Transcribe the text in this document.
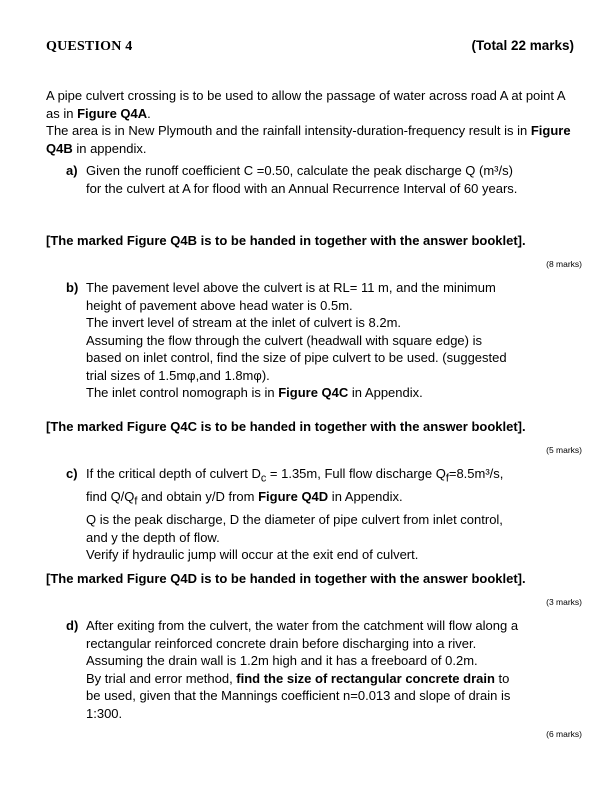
QUESTION 4	(Total 22 marks)

A pipe culvert crossing is to be used to allow the passage of water across road A at point A as in Figure Q4A.

The area is in New Plymouth and the rainfall intensity-duration-frequency result is in Figure Q4B in appendix.

a) Given the runoff coefficient C =0.50, calculate the peak discharge Q (m³/s) for the culvert at A for flood with an Annual Recurrence Interval of 60 years.
[The marked Figure Q4B is to be handed in together with the answer booklet].
(8 marks)
b) The pavement level above the culvert is at RL= 11 m, and the minimum height of pavement above head water is 0.5m.

The invert level of stream at the inlet of culvert is 8.2m.

Assuming the flow through the culvert (headwall with square edge) is based on inlet control, find the size of pipe culvert to be used. (suggested trial sizes of 1.5mφ,and 1.8mφ).

The inlet control nomograph is in Figure Q4C in Appendix.

[The marked Figure Q4C is to be handed in together with the answer booklet].
(5 marks)
c) If the critical depth of culvert $D_c = 1.35m$, Full flow discharge $Q_f=8.5m^3/s$,

find $Q/Q_f$ and obtain y/D from Figure Q4D in Appendix.

Q is the peak discharge, D the diameter of pipe culvert from inlet control, and y the depth of flow.

Verify if hydraulic jump will occur at the exit end of culvert.

[The marked Figure Q4D is to be handed in together with the answer booklet].
(3 marks)
d) After exiting from the culvert, the water from the catchment will flow along a rectangular reinforced concrete drain before discharging into a river.

Assuming the drain wall is 1.2m high and it has a freeboard of 0.2m.

By trial and error method, find the size of rectangular concrete drain to be used, given that the Mannings coefficient n=0.013 and slope of drain is 1:300.

(6 marks)
